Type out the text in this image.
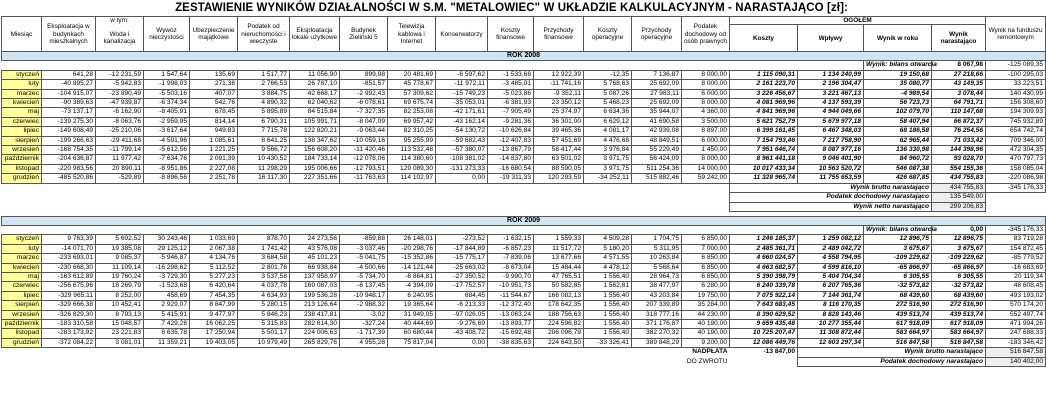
ZESTAWIENIE WYNIKÓW DZIAŁALNOŚCI W S.M. "METALOWIEC" W UKŁADZIE KALKULACYJNYM - NARASTAJĄCO [zł]:
Miesiąc	Eksploatacja w budynkach mieszkalnych	w tym:	Wywóz nieczystości	Ubezpieczenie majątkowe	Podatek od nieruchomości i wieczyste	Eksploatacja lokale użytkowe	Budynek Zieliński 5	Telewizja kablowa i Internet	Konserwatorzy	Koszty finansowe	Przychody finansowe	Koszty operacyjne	Przychody operacyjne	Podatek dochodowy od osób prawnych	OGÓŁEM				Wynik na funduszu remontowym	
		Woda i kanalizacja													Koszty	Wpływy	Wynik w roku	Wynik narastająco		
ROK 2008																				
																	Wynik: bilans otwarcia	8 067,98	-125 089,35	
styczeń	641,28	-12 231,59	1 547,64	135,69	1 517,77	11 056,90	899,98	20 481,69	-6 597,62	-1 533,68	12 922,39	-12,35	7 136,87	8 000,00	1 115 090,31	1 134 240,99	19 150,68	27 218,66	-100 295,03	
luty	-40 895,27	-5 942,83	-1 998,03	271,38	2 766,53	26 787,10	-851,57	45 778,67	-11 972,11	-3 485,01	-11 741,16	5 768,63	25 692,09	8 000,00	2 161 223,70	2 196 304,47	35 080,77	43 149,35	33 223,51	
marzec	-104 915,07	-23 890,49	-5 503,16	407,07	3 884,75	42 668,17	-2 992,43	57 309,62	-15 749,23	-5 023,86	-9 352,11	5 087,26	27 983,11	6 000,00	3 226 456,67	3 221 467,13	-4 989,54	3 078,44	140 430,99	
kwiecień	-90 389,63	-47 939,87	-6 374,34	542,76	4 890,32	62 040,62	-6 078,61	69 675,74	-35 053,01	-6 381,93	23 350,12	5 468,23	25 692,09	8 000,00	4 081 969,96	4 137 593,39	56 723,73	64 791,71	156 308,60	
maj	-73 137,17	-6 162,90	-8 405,91	678,45	5 895,89	84 515,84	-7 327,35	82 253,08	-42 171,61	-7 905,49	25 374,97	6 634,36	35 944,07	4 360,00	4 841 969,96	4 944 049,66	102 079,70	110 147,68	194 309,93	
czerwiec	-139 275,30	-8 063,76	-2 959,95	814,14	6 790,31	105 991,71	-8 047,09	69 957,42	-43 162,14	-9 281,36	36 301,00	6 629,12	41 690,58	3 500,00	5 621 752,79	5 679 977,18	58 407,94	66 872,37	745 932,89	
lipiec	-149 608,49	-25 210,06	-3 617,64	949,83	7 715,78	122 820,21	-9 063,44	82 310,25	-54 130,72	-10 626,84	39 465,36	4 081,17	42 939,08	8 897,00	6 399 161,45	6 467 348,03	68 186,58	76 254,56	654 742,74	
sierpień	-199 266,63	-29 411,68	-4 591,96	1 085,61	8 641,25	138 347,62	-10 059,16	95 255,99	-59 682,43	-12 407,83	57 451,69	4 476,68	48 849,51	6 000,00	7 154 793,46	7 217 758,90	62 965,44	71 033,42	709 346,00	
wrzesień	-168 754,35	-11 799,14	-5 612,56	1 221,25	9 566,72	156 608,20	-11 420,46	113 532,48	-57 380,07	-13 867,79	58 417,44	3 976,84	55 229,49	1 450,00	7 951 646,74	8 087 977,16	136 330,98	144 398,96	472 304,35	
październik	-204 636,87	11 977,42	-7 634,76	2 091,39	10 430,52	184 733,14	-12 078,06	114 380,60	-108 381,02	-14 837,80	63 501,02	3 971,75	56 424,09	8 000,00	8 961 441,18	9 046 401,90	84 960,72	93 028,70	470 797,73	
listopad	-220 983,56	20 890,11	-8 951,86	2 227,08	11 298,29	195 006,66	-12 793,51	129 089,30	-131 273,33	-16 680,54	88 590,05	3 971,75	511 254,36	14 000,00	10 017 433,34	10 563 520,72	546 087,38	554 155,36	158 085,04	
grudzień	-485 520,86	-529,89	-8 896,56	2 251,78	16 117,30	227 351,66	-11 763,63	114 102,97	0,00	-19 311,33	120 293,59	-34 252,11	515 882,46	59 242,00	11 328 965,74	11 755 653,59	426 687,85	434 755,83	-220 086,98	
															Wynik brutto narastająco			434 755,83	-345 176,33	
															Podatek dochodowy narastająco			135 549,00		
															Wynik netto narastająco			299 206,83		

ROK 2009																				
																	Wynik: bilans otwarcia	0,00	-345 176,33	
styczeń	9 763,39	5 692,52	30 243,46	1 033,69	878,70	24 273,56	-859,88	26 148,01	-273,52	-1 632,15	1 559,33	4 509,28	1 704,75	6 850,00	1 246 185,37	1 259 082,12	12 896,75	12 896,75	83 719,28	
luty	-14 071,70	19 385,08	29 125,12	2 067,38	1 741,42	43 576,08	-3 037,46	-20 298,76	-17 844,89	-6 857,23	11 517,72	5 180,20	5 311,95	7 000,00	2 485 361,71	2 489 042,72	3 675,67	3 675,67	154 872,45	
marzec	-233 693,01	9 085,37	-5 946,87	4 134,76	3 684,58	45 101,23	-5 041,75	-15 352,86	-15 775,17	-7 839,06	13 677,66	4 571,55	10 263,84	6 850,00	4 660 024,57	4 558 794,95	-109 229,62	-109 229,62	-85 779,52	
kwiecień	-230 668,30	11 109,14	-16 298,62	5 112,52	2 801,76	66 938,84	-4 500,66	-14 121,44	-25 663,02	-8 673,04	15 484,44	4 478,12	5 568,64	6 850,00	4 663 682,57	4 599 816,10	-65 866,97	-65 866,97	-16 683,69	
maj	-163 612,89	19 760,24	-3 729,30	5 277,23	3 537,58	137 958,97	-5 734,70	-6 864,81	-27 350,52	-9 990,70	47 765,51	1 556,40	28 964,73	6 850,00	5 390 398,79	5 404 704,34	6 305,55	6 305,55	20 119,34	
czerwiec	-256 675,96	18 269,79	-1 523,68	6 420,64	4 037,78	169 087,03	-6 137,45	-4 394,09	-17 752,57	-10 951,73	50 582,85	1 562,81	38 477,97	6 280,00	6 240 339,78	6 207 765,36	-32 573,82	-32 573,82	48 608,45	
lipiec	-329 965,11	8 252,00	458,69	7 454,35	4 634,93	199 536,28	-10 948,17	6 240,95	684,45	-11 544,67	166 082,13	1 556,40	43 203,84	19 750,00	7 075 922,14	7 144 361,74	68 439,60	68 439,60	493 193,02	
sierpień	-329 666,38	10 452,41	2 929,07	8 847,99	5 280,15	213 126,64	-2 988,32	19 365,64	-6 213,33	-12 372,40	178 642,35	1 556,40	207 339,89	35 284,00	7 643 683,45	8 116 170,35	272 516,90	272 516,90	570 174,20	
wrzesień	-326 829,30	8 793,13	5 415,91	9 477,97	5 846,23	238 417,81	-3,02	31 949,05	-97 026,05	-13 063,24	188 756,63	1 556,40	318 777,16	44 230,00	8 390 629,52	8 828 143,46	439 513,74	439 513,74	552 497,74	
październik	-183 310,58	15 048,57	7 429,28	16 062,25	5 315,83	282 614,30	-327,24	40 444,69	-9 276,69	-13 893,77	224 596,82	1 556,40	371 176,87	40 190,00	9 659 435,48	10 277 355,44	617 918,09	617 918,09	471 994,26	
listopad	-283 173,92	23 221,83	8 635,78	17 250,94	5 501,17	224 006,63	-1 717,39	60 680,44	-43 408,72	-15 692,48	206 096,79	1 556,40	382 270,32	40 190,00	10 725 207,47	11 308 872,44	583 664,97	583 664,97	247 688,33	
grudzień	-372 084,22	3 081,01	11 359,21	19 403,05	10 979,49	265 829,76	4 955,28	75 817,04	0,00	-38 835,63	224 643,50	-33 326,41	389 848,29	9 200,00	12 086 449,76	12 603 297,34	516 847,58	516 847,58	-183 346,42	
														NADPŁATA	-13 847,00	Wynik brutto narastająco			516 847,58	
														DO ZWROTU		Podatek dochodowy narastająco			140 402,00	
